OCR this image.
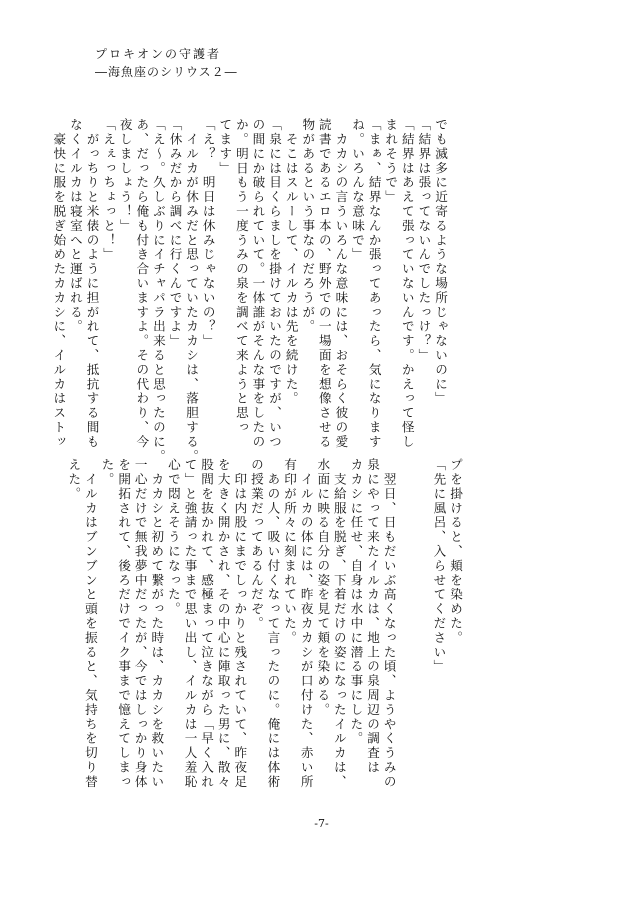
プロキオンの守護者
―海魚座のシリウス２―
でも滅多に近寄るような場所じゃないのに」
「結界は張ってないんでしたっけ？」
「結界はあえて張っていないんです。かえって怪し
まれそうで」
「まぁ、結界なんか張ってあったら、気になります
ね。いろんな意味で」
　カカシの言ういろんな意味には、おそらく彼の愛
読書であるエロ本の、野外での一場面を想像させる
物があるという事なのだろうが。
　そこはスルーして、イルカは先を続けた。
「泉には目くらましを掛けておいたのですが、いつ
の間にか破られていて。一体誰がそんな事をしたの
か。明日もう一度うみの泉を調べて来ようと思っ
てます」
「え？　明日は休みじゃないの？」
　イルカが休みだと思っていたカカシは、落胆する。
「休みだから調べに行くんですよ」
「え〜。久しぶりにイチャパラ出来ると思ったのに。
あ、だったら俺も付き合いますよ。その代わり、今
夜しましょう！」
「えぇっちょっと！」
　がっちりと米俵のように担がれて、抵抗する間も
なくイルカは寝室へと運ばれる。
　豪快に服を脱ぎ始めたカカシに、イルカはストッ
プを掛けると、頬を染めた。
「先に風呂、入らせてください」

　翌日、日もだいぶ高くなった頃、ようやくうみの
泉にやって来たイルカは、地上の泉周辺の調査は
カカシに任せ、自身は水中に潜る事にした。
　支給服を脱ぎ、下着だけの姿になったイルカは、
水面に映る自分の姿を見て頬を染める。
　イルカの体には、昨夜カカシが口付けた、赤い所
有印が所々に刻まれていた。
　あの人、吸い付くなって言ったのに。俺には体術
の授業だってあるんだぞ。
　印は内股にまでしっかりと残されていて、昨夜足
を大きく開かされ、その中心に陣取った男に、散々
股間を抜かれて、感極まって泣きながら「早く入れ
て」と強請った事まで思い出し、イルカは一人羞恥
心で悶えそうになった。
　カカシと初めて繋がった時は、カカシを救いたい
一心だけで無我夢中だったが、今ではしっかり身体
を開拓されて、後ろだけでイク事まで憶えてしまっ
た。
　イルカはブンブンと頭を振ると、気持ちを切り替
えた。
-7-
